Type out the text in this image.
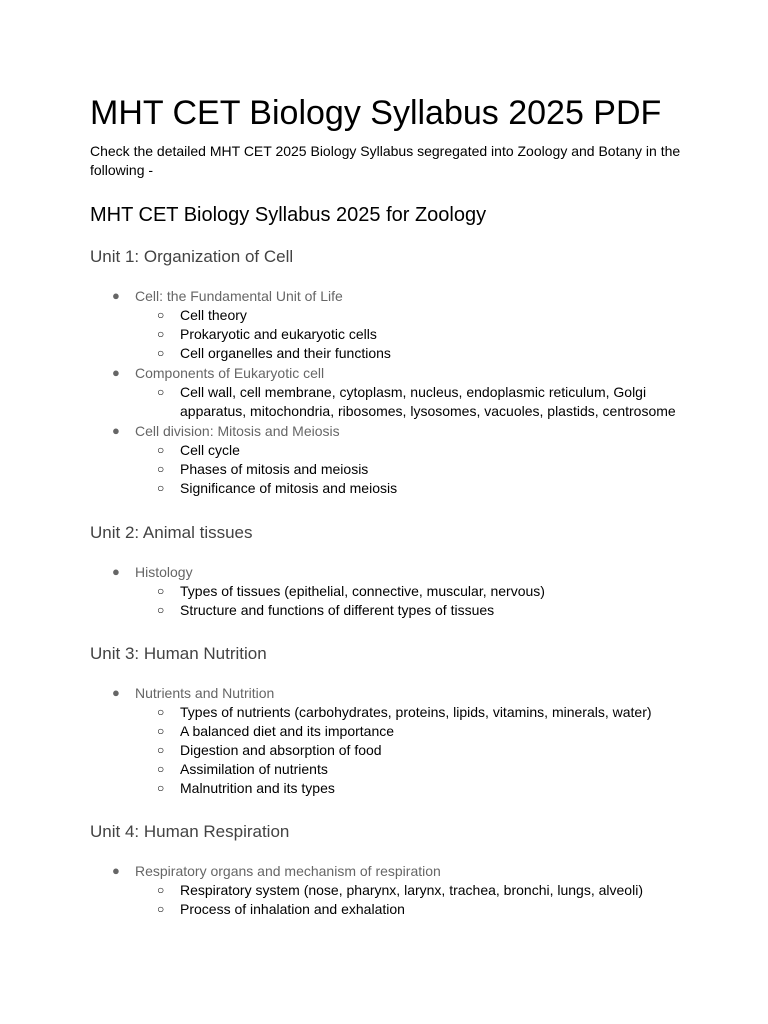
MHT CET Biology Syllabus 2025 PDF

Check the detailed MHT CET 2025 Biology Syllabus segregated into Zoology and Botany in the following -

MHT CET Biology Syllabus 2025 for Zoology
Unit 1: Organization of Cell
● Cell: the Fundamental Unit of Life
○ Cell theory
○ Prokaryotic and eukaryotic cells
○ Cell organelles and their functions
● Components of Eukaryotic cell
○ Cell wall, cell membrane, cytoplasm, nucleus, endoplasmic reticulum, Golgi apparatus, mitochondria, ribosomes, lysosomes, vacuoles, plastids, centrosome
● Cell division: Mitosis and Meiosis
○ Cell cycle
○ Phases of mitosis and meiosis
○ Significance of mitosis and meiosis
Unit 2: Animal tissues
● Histology
○ Types of tissues (epithelial, connective, muscular, nervous)
○ Structure and functions of different types of tissues
Unit 3: Human Nutrition
● Nutrients and Nutrition
○ Types of nutrients (carbohydrates, proteins, lipids, vitamins, minerals, water)
○ A balanced diet and its importance
○ Digestion and absorption of food
○ Assimilation of nutrients
○ Malnutrition and its types
Unit 4: Human Respiration
● Respiratory organs and mechanism of respiration
○ Respiratory system (nose, pharynx, larynx, trachea, bronchi, lungs, alveoli)
○ Process of inhalation and exhalation
